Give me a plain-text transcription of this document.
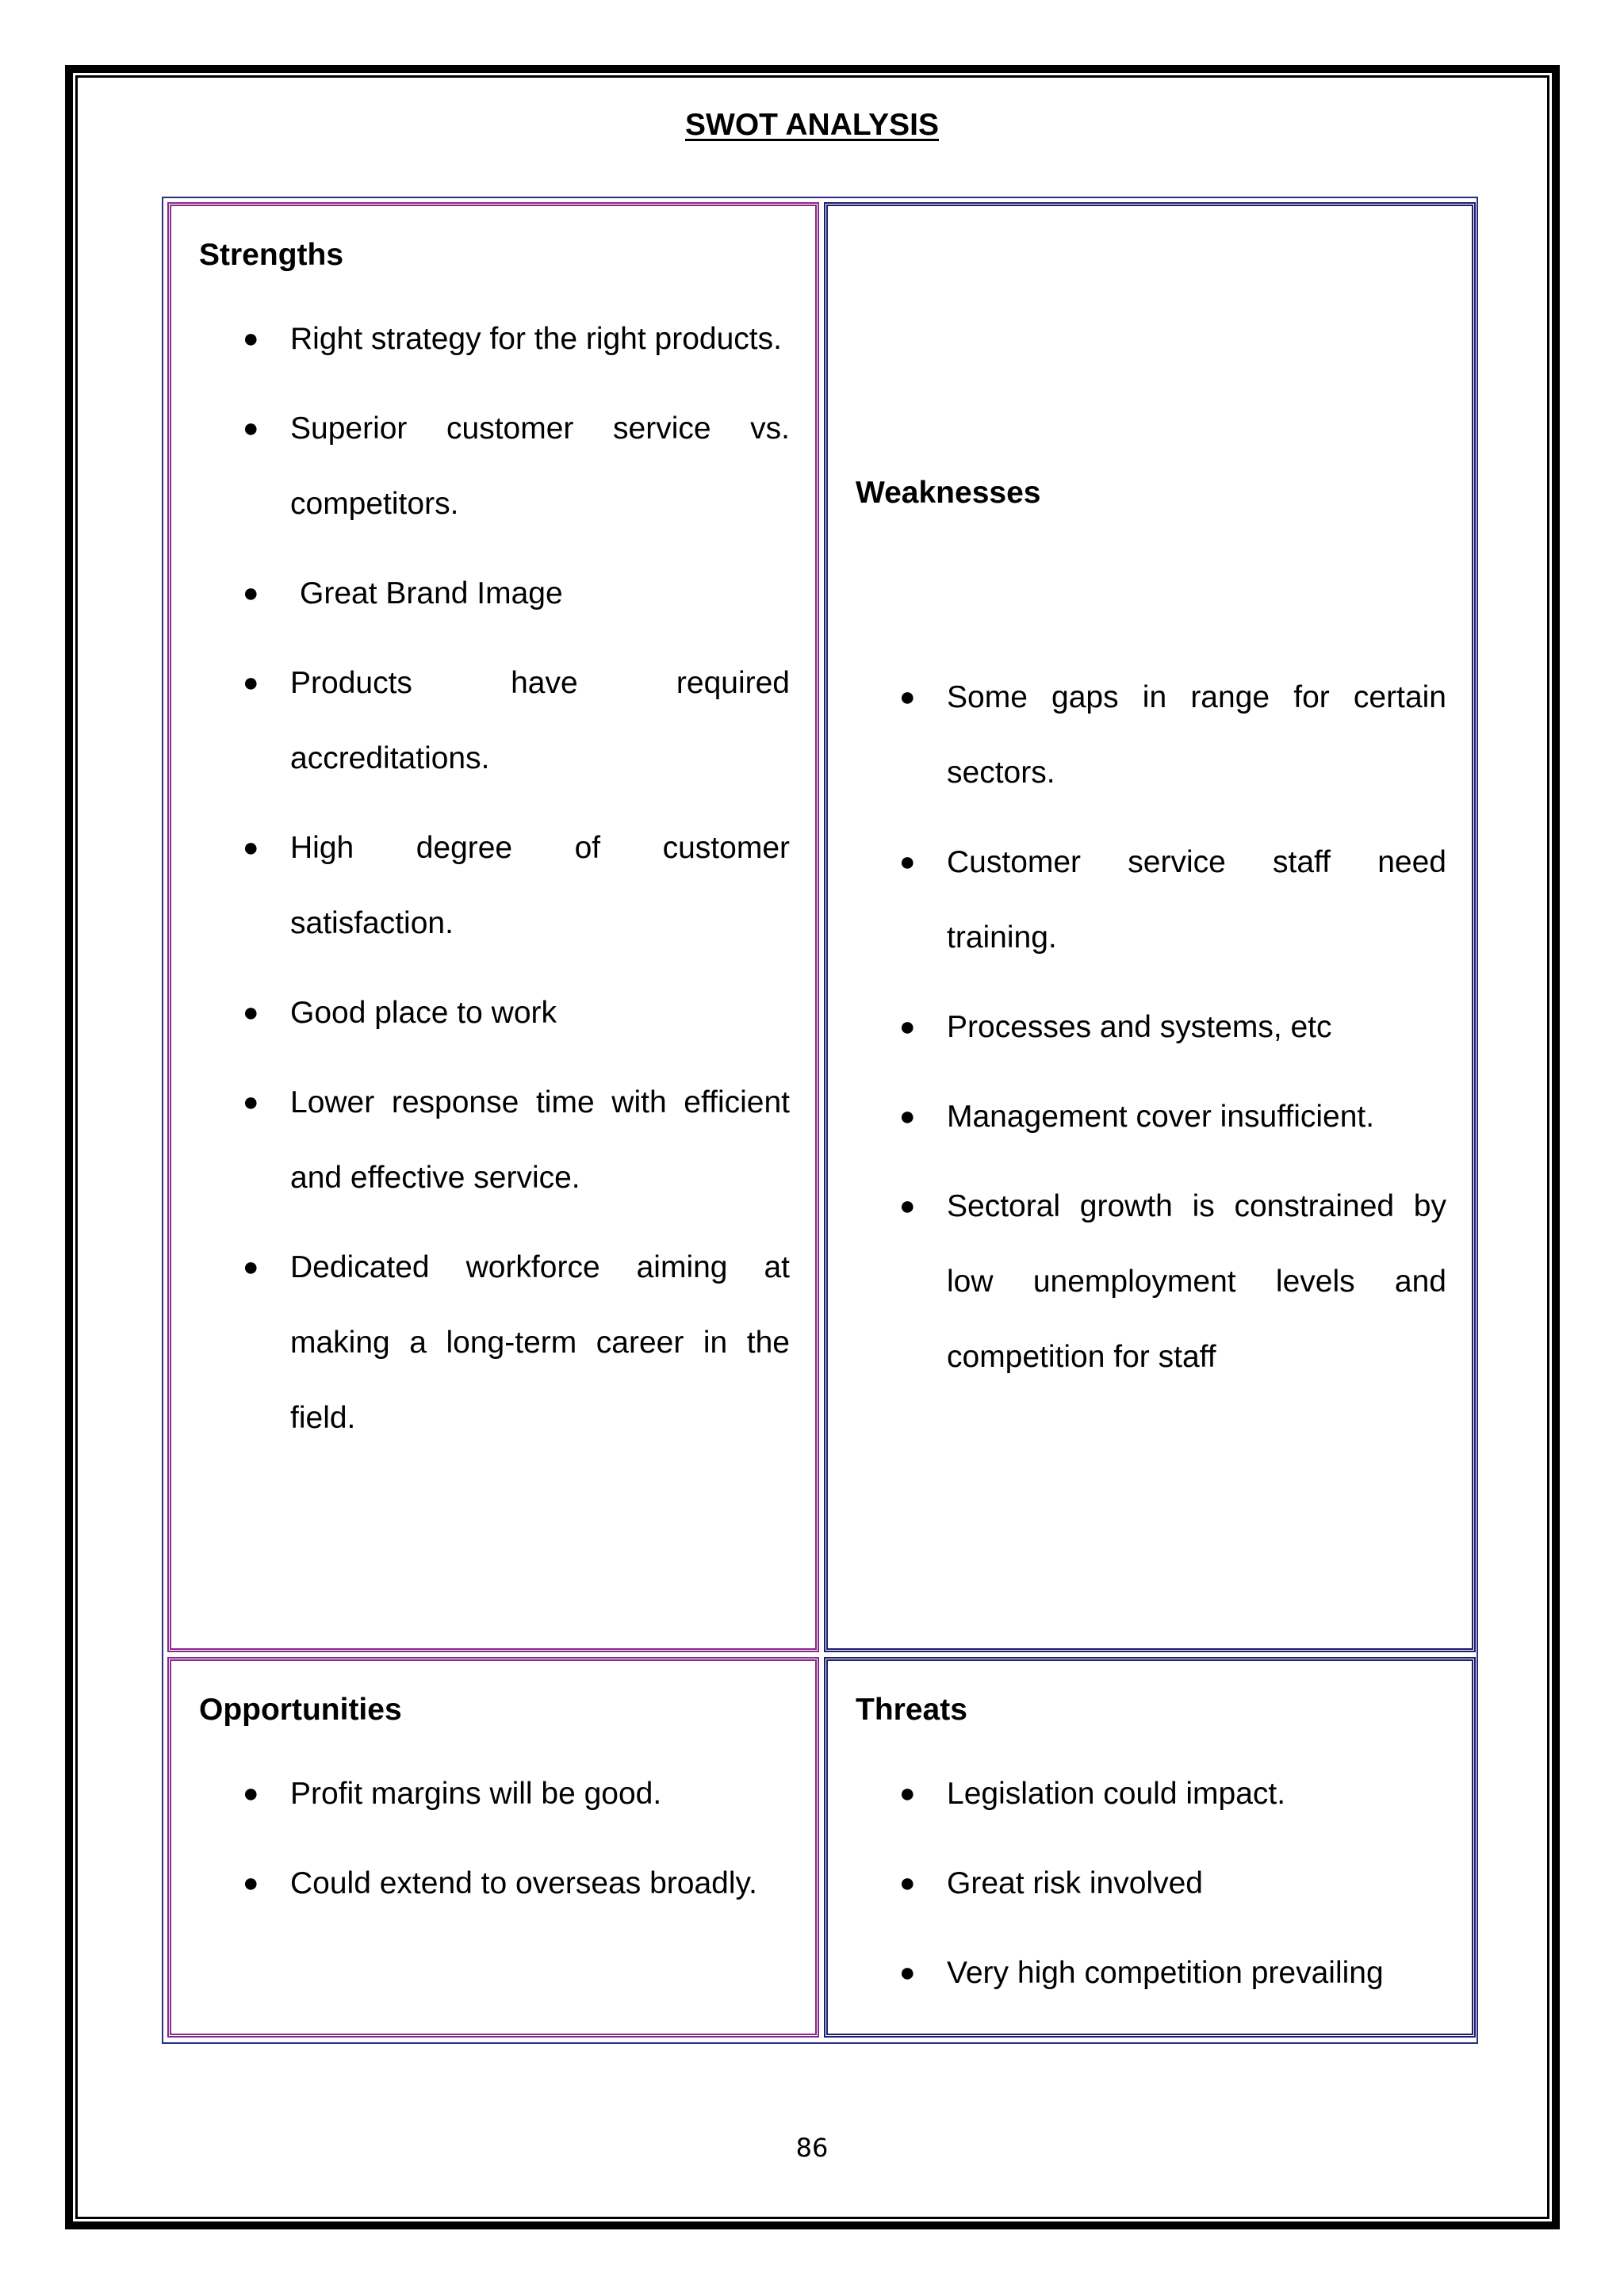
SWOT ANALYSIS
Strengths
● Right strategy for the right products.
● Superior customer service vs. competitors.
●	Great Brand Image
● Products have required accreditations.
● High degree of customer satisfaction.
● Good place to work
● Lower response time with efficient and effective service.
● Dedicated workforce aiming at making a long-term career in the field.
Weaknesses
● Some gaps in range for certain sectors.
● Customer service staff need training.
● Processes and systems, etc
● Management cover insufficient.
● Sectoral growth is constrained by low unemployment levels and competition for staff
Opportunities
● Profit margins will be good.
● Could extend to overseas broadly.
Threats
● Legislation could impact.
● Great risk involved
● Very high competition prevailing
86
